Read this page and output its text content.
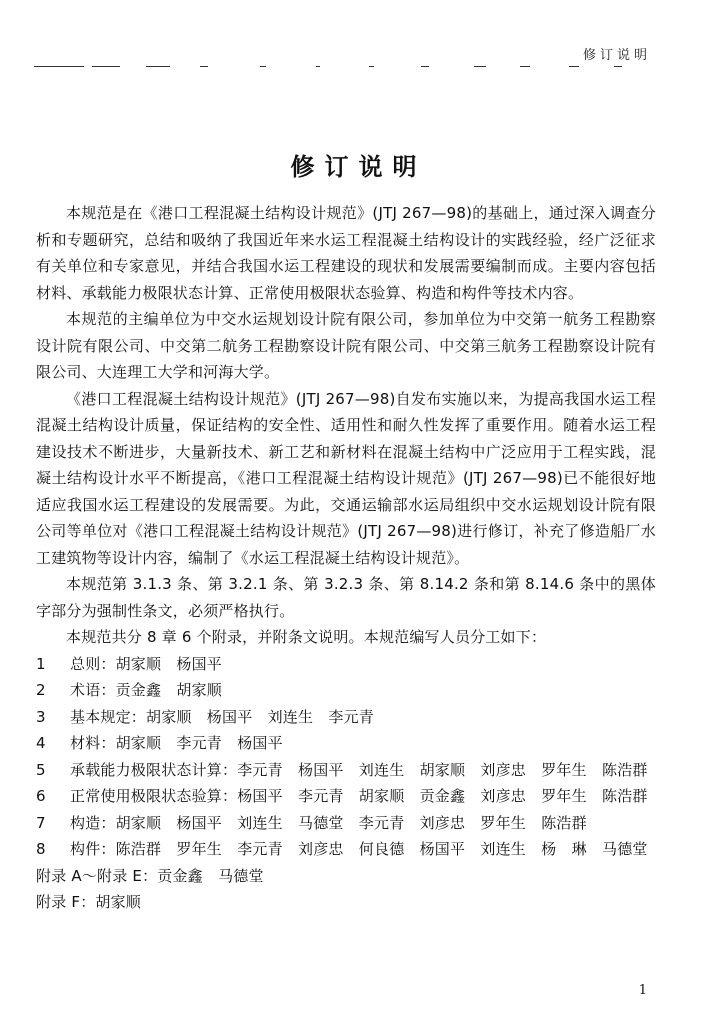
修订说明
修订说明

本规范是在《港口工程混凝土结构设计规范》(JTJ 267—98)的基础上，通过深入调查分析和专题研究，总结和吸纳了我国近年来水运工程混凝土结构设计的实践经验，经广泛征求有关单位和专家意见，并结合我国水运工程建设的现状和发展需要编制而成。主要内容包括材料、承载能力极限状态计算、正常使用极限状态验算、构造和构件等技术内容。

本规范的主编单位为中交水运规划设计院有限公司，参加单位为中交第一航务工程勘察设计院有限公司、中交第二航务工程勘察设计院有限公司、中交第三航务工程勘察设计院有限公司、大连理工大学和河海大学。

《港口工程混凝土结构设计规范》(JTJ 267—98)自发布实施以来，为提高我国水运工程混凝土结构设计质量，保证结构的安全性、适用性和耐久性发挥了重要作用。随着水运工程建设技术不断进步，大量新技术、新工艺和新材料在混凝土结构中广泛应用于工程实践，混凝土结构设计水平不断提高，《港口工程混凝土结构设计规范》(JTJ 267—98)已不能很好地适应我国水运工程建设的发展需要。为此，交通运输部水运局组织中交水运规划设计院有限公司等单位对《港口工程混凝土结构设计规范》(JTJ 267—98)进行修订，补充了修造船厂水工建筑物等设计内容，编制了《水运工程混凝土结构设计规范》。

本规范第 3.1.3 条、第 3.2.1 条、第 3.2.3 条、第 8.14.2 条和第 8.14.6 条中的黑体字部分为强制性条文，必须严格执行。

本规范共分 8 章 6 个附录，并附条文说明。本规范编写人员分工如下：

1	总则：胡家顺　杨国平
2	术语：贡金鑫　胡家顺
3	基本规定：胡家顺　杨国平　刘连生　李元青
4	材料：胡家顺　李元青　杨国平
5	承载能力极限状态计算：李元青　杨国平　刘连生　胡家顺　刘彦忠　罗年生　陈浩群
6	正常使用极限状态验算：杨国平　李元青　胡家顺　贡金鑫　刘彦忠　罗年生　陈浩群
7	构造：胡家顺　杨国平　刘连生　马德堂　李元青　刘彦忠　罗年生　陈浩群
8	构件：陈浩群　罗年生　李元青　刘彦忠　何良德　杨国平　刘连生　杨　琳　马德堂
附录 A～附录 E：贡金鑫　马德堂
附录 F：胡家顺
1
